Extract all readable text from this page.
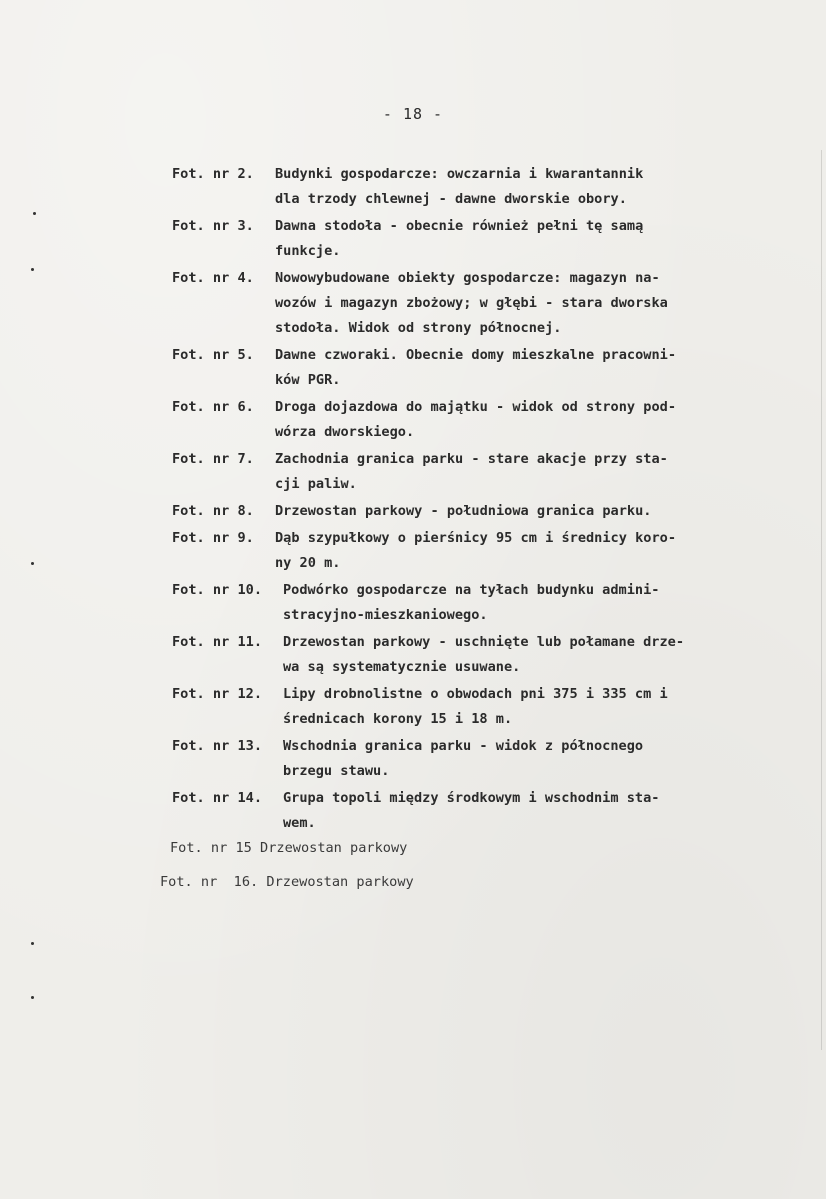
- 18 -
Fot. nr 2.	Budynki gospodarcze: owczarnia i kwarantannik
dla trzody chlewnej - dawne dworskie obory.
Fot. nr 3.	Dawna stodoła - obecnie również pełni tę samą
funkcje.
Fot. nr 4.	Nowowybudowane obiekty gospodarcze: magazyn na-
wozów i magazyn zbożowy; w głębi - stara dworska
stodoła. Widok od strony północnej.
Fot. nr 5.	Dawne czworaki. Obecnie domy mieszkalne pracowni-
ków PGR.
Fot. nr 6.	Droga dojazdowa do majątku - widok od strony pod-
wórza dworskiego.
Fot. nr 7.	Zachodnia granica parku - stare akacje przy sta-
cji paliw.
Fot. nr 8.	Drzewostan parkowy - południowa granica parku.
Fot. nr 9.	Dąb szypułkowy o pierśnicy 95 cm i średnicy koro-
ny 20 m.
Fot. nr 10.	Podwórko gospodarcze na tyłach budynku admini-
stracyjno-mieszkaniowego.
Fot. nr 11.	Drzewostan parkowy - uschnięte lub połamane drze-
wa są systematycznie usuwane.
Fot. nr 12.	Lipy drobnolistne o obwodach pni 375 i 335 cm i
średnicach korony 15 i 18 m.
Fot. nr 13.	Wschodnia granica parku - widok z północnego
brzegu stawu.
Fot. nr 14.	Grupa topoli między środkowym i wschodnim sta-
wem.
Fot. nr 15 Drzewostan parkowy
Fot. nr  16. Drzewostan parkowy
